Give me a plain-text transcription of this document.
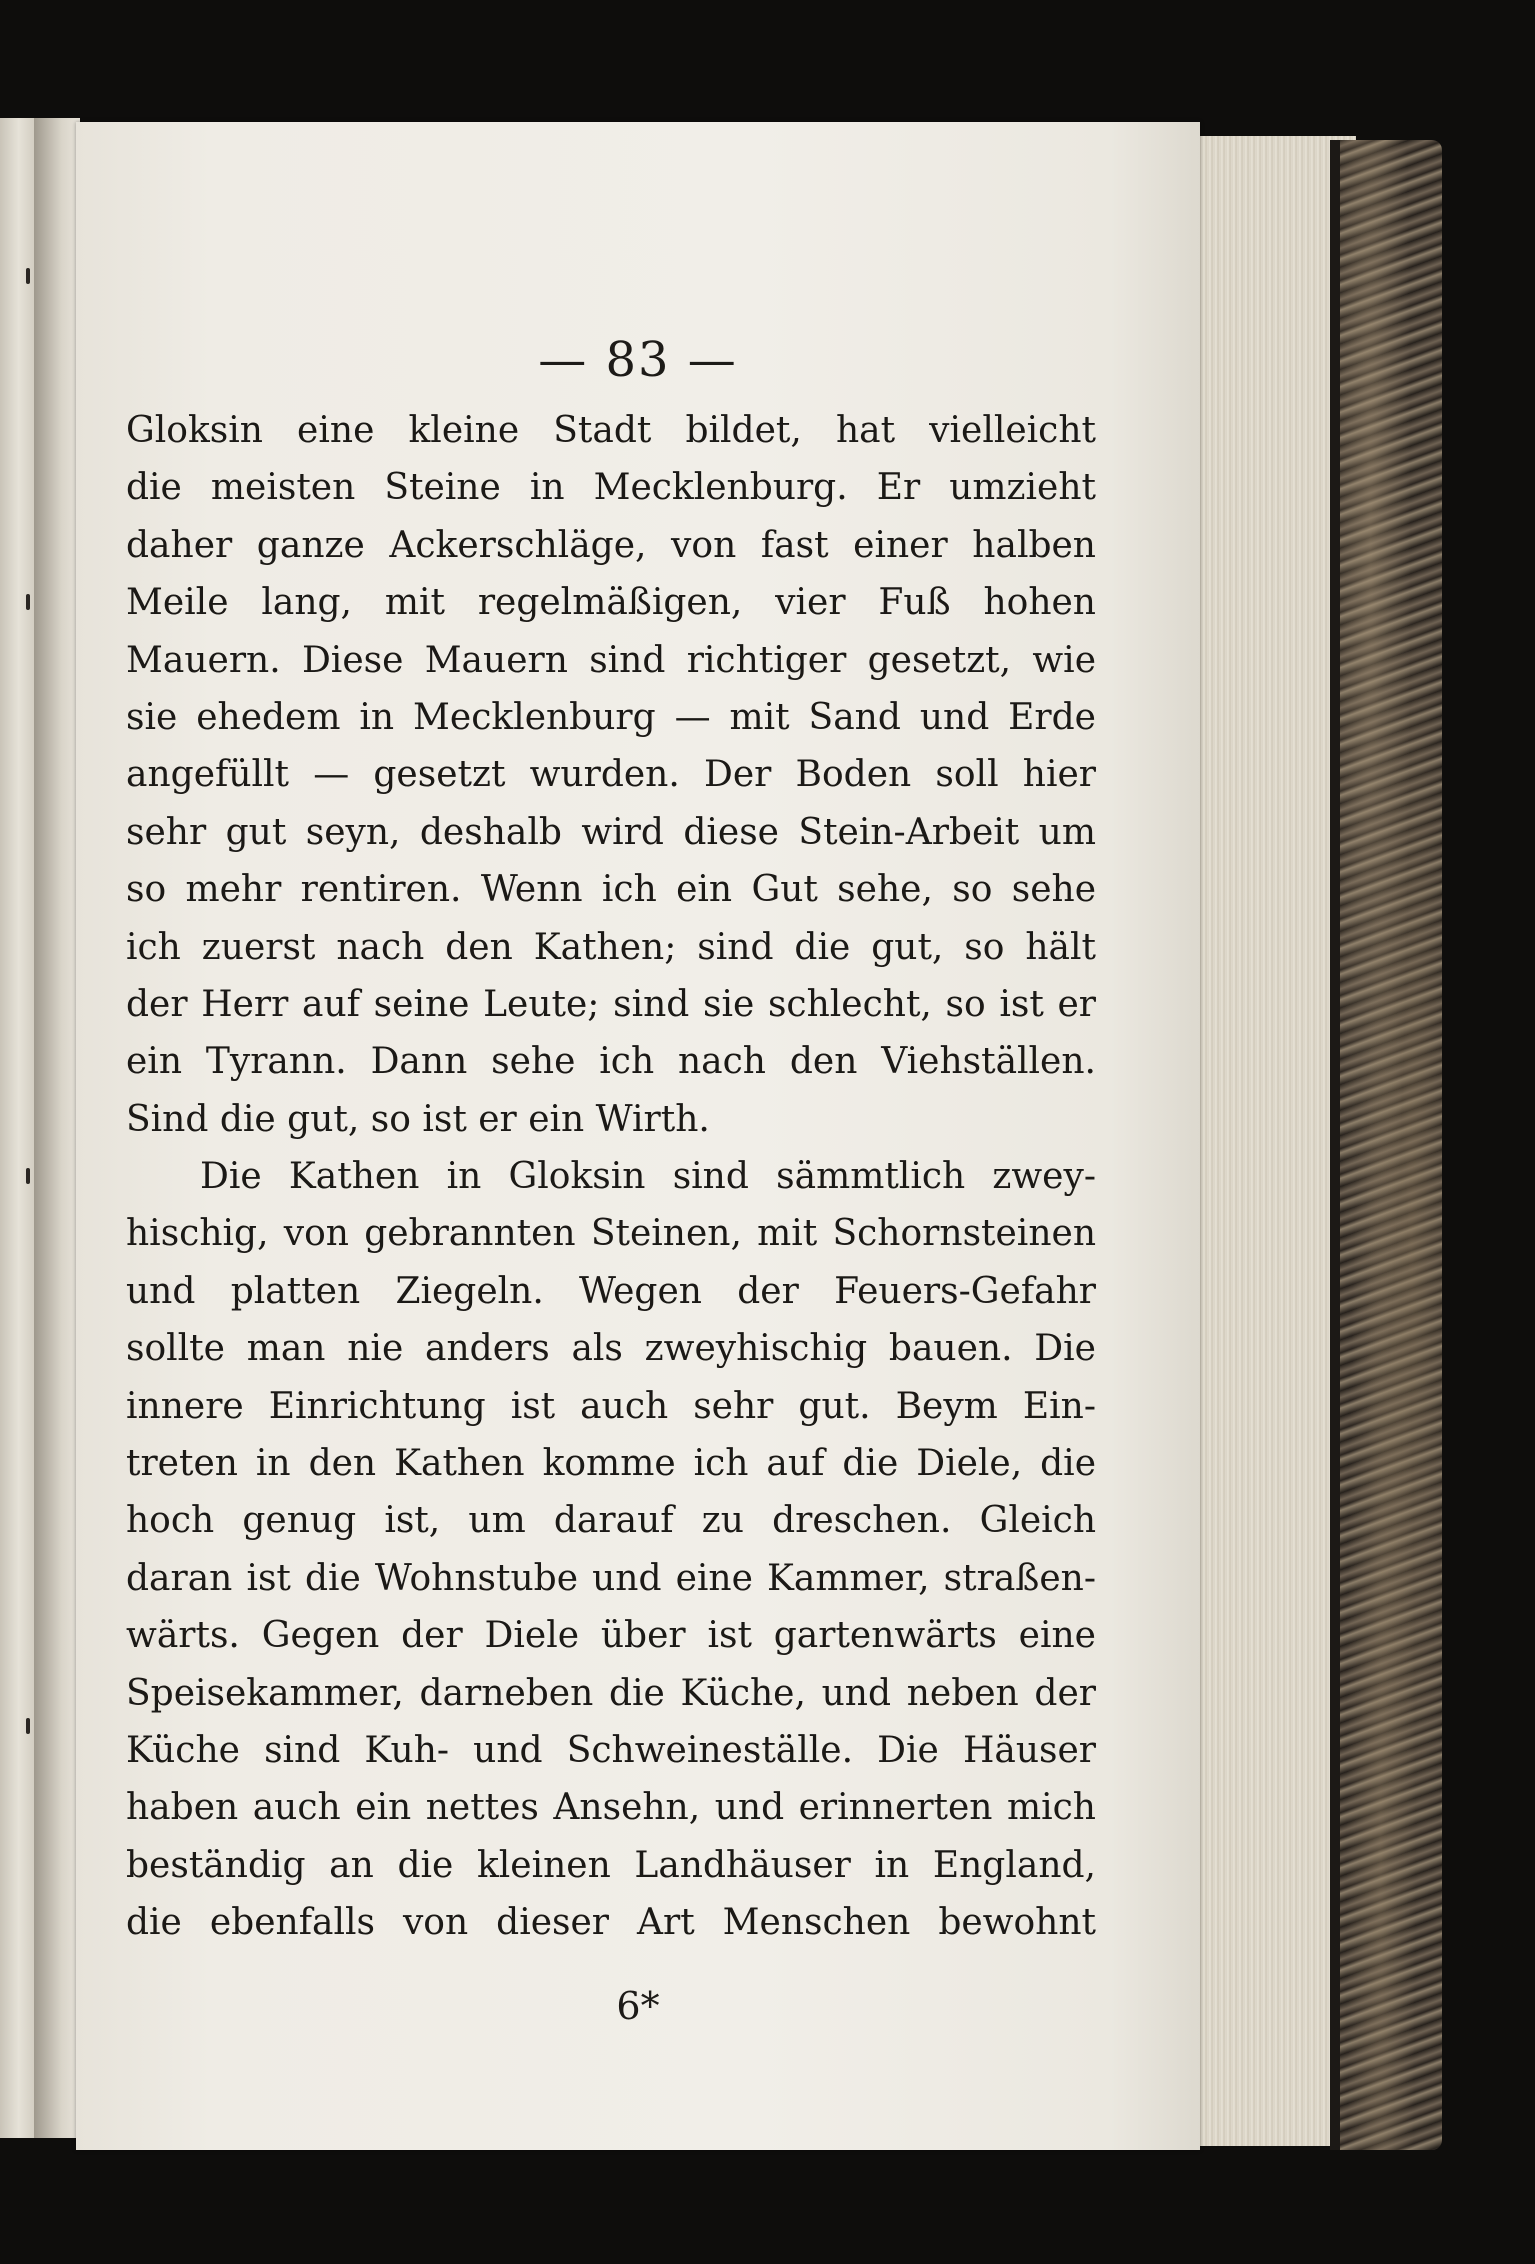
— 83 —
Gloksin eine kleine Stadt bildet, hat vielleicht
die meisten Steine in Mecklenburg. Er umzieht
daher ganze Ackerschläge, von fast einer halben
Meile lang, mit regelmäßigen, vier Fuß hohen
Mauern. Diese Mauern sind richtiger gesetzt, wie
sie ehedem in Mecklenburg — mit Sand und Erde
angefüllt — gesetzt wurden. Der Boden soll hier
sehr gut seyn, deshalb wird diese Stein-Arbeit um
so mehr rentiren. Wenn ich ein Gut sehe, so sehe
ich zuerst nach den Kathen; sind die gut, so hält
der Herr auf seine Leute; sind sie schlecht, so ist er
ein Tyrann. Dann sehe ich nach den Viehställen.
Sind die gut, so ist er ein Wirth.
Die Kathen in Gloksin sind sämmtlich zwey-
hischig, von gebrannten Steinen, mit Schornsteinen
und platten Ziegeln. Wegen der Feuers-Gefahr
sollte man nie anders als zweyhischig bauen. Die
innere Einrichtung ist auch sehr gut. Beym Ein-
treten in den Kathen komme ich auf die Diele, die
hoch genug ist, um darauf zu dreschen. Gleich
daran ist die Wohnstube und eine Kammer, straßen-
wärts. Gegen der Diele über ist gartenwärts eine
Speisekammer, darneben die Küche, und neben der
Küche sind Kuh- und Schweineställe. Die Häuser
haben auch ein nettes Ansehn, und erinnerten mich
beständig an die kleinen Landhäuser in England,
die ebenfalls von dieser Art Menschen bewohnt
6*
